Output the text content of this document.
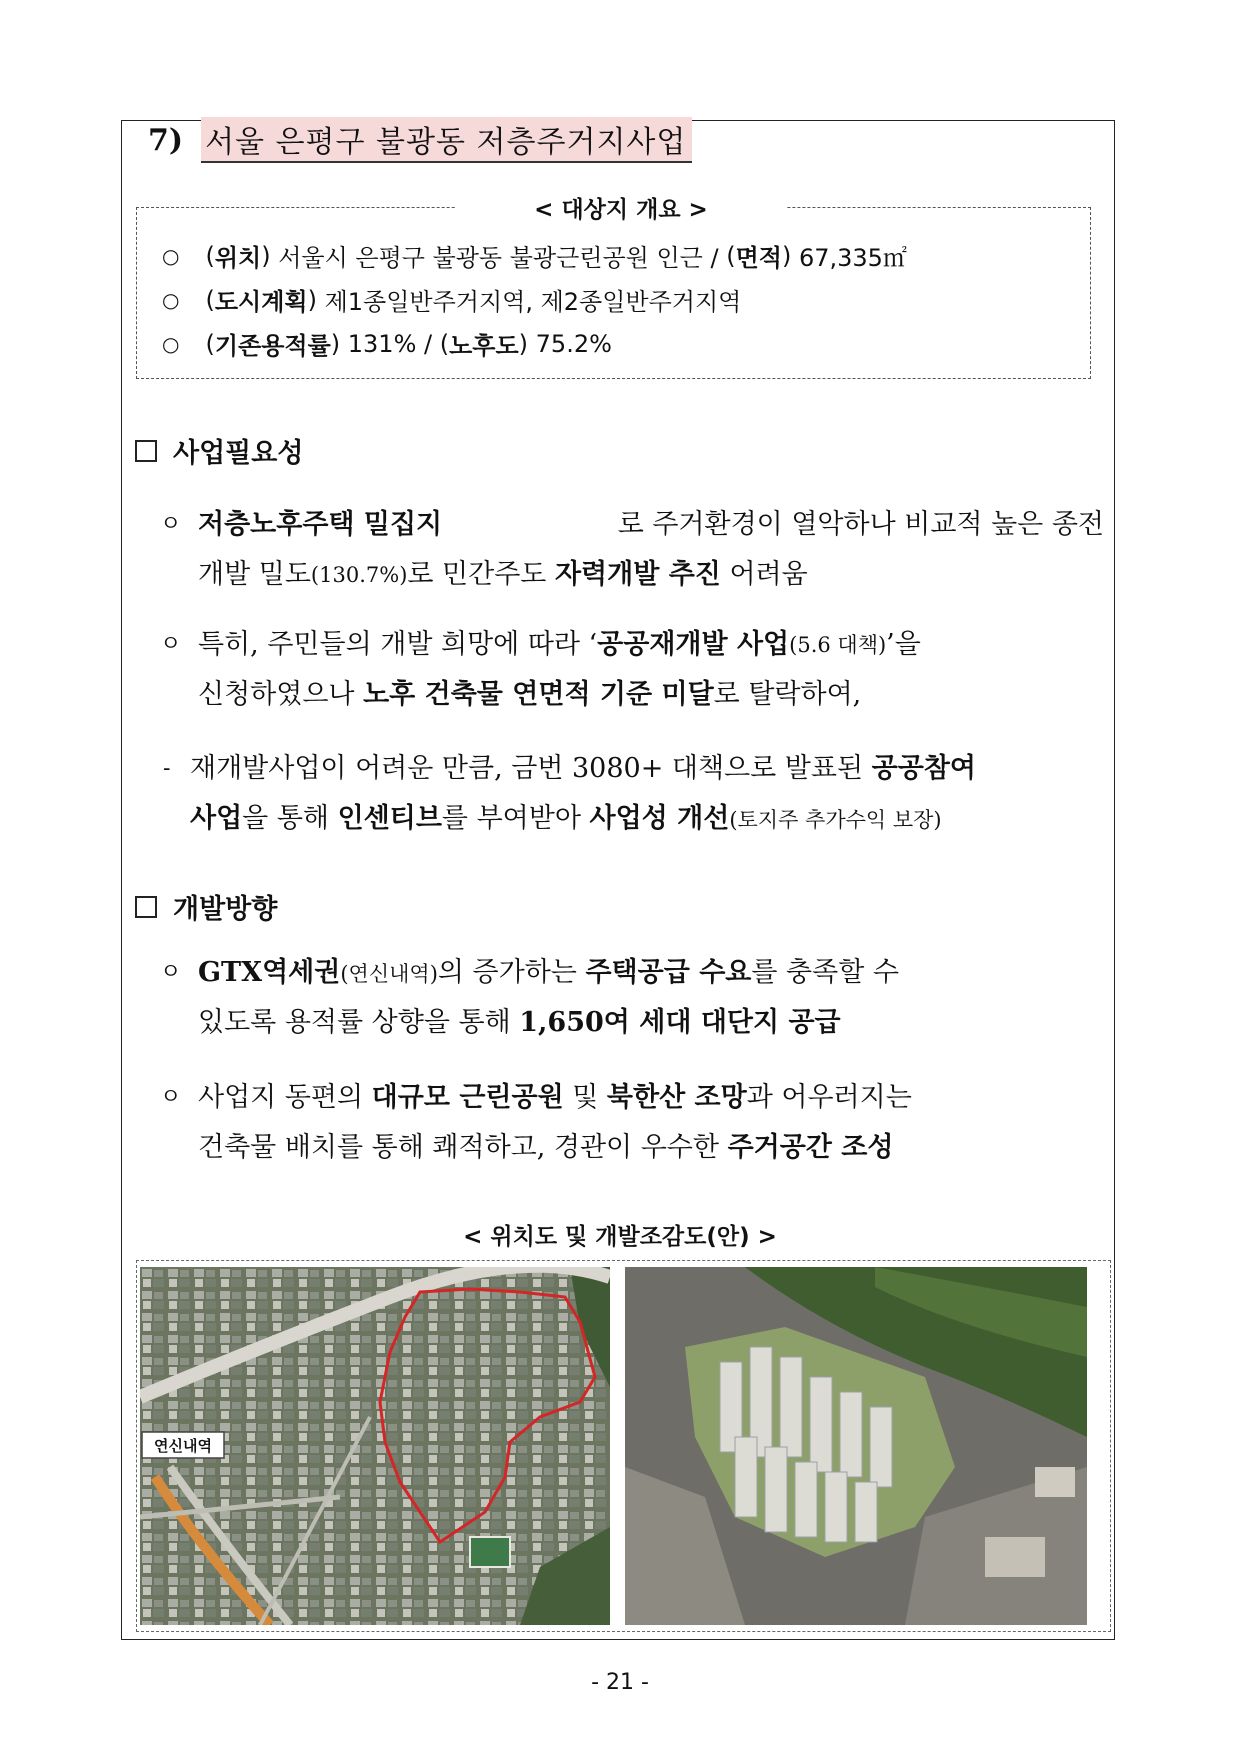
7) 서울 은평구 불광동 저층주거지사업
< 대상지 개요 >
○ ( 위치 ) 서울시 은평구 불광동 불광근린공원 인근 / ( 면적 ) 67,335㎡
○ ( 도시계획 ) 제1종일반주거지역, 제2종일반주거지역
○ ( 기존용적률 ) 131% / ( 노후도 ) 75.2%
사업필요성
ㅇ 저층노후주택 밀집지	로 주거환경이 열악하나 비교적 높은 종전
개발 밀도 (130.7%) 로 민간주도 자력개발 추진 어려움
ㅇ 특히, 주민들의 개발 희망에 따라 ‘ 공공재개발 사업 (5.6 대책) ’을
신청하였으나 노후 건축물 연면적 기준 미달 로 탈락하여,
- 재개발사업이 어려운 만큼, 금번 3080+ 대책으로 발표된 공공참여
사업 을 통해 인센티브 를 부여받아 사업성 개선 (토지주 추가수익 보장)
개발방향
ㅇ GTX역세권 (연신내역) 의 증가하는 주택공급 수요 를 충족할 수
있도록 용적률 상향을 통해 1,650여 세대 대단지 공급
ㅇ 사업지 동편의 대규모 근린공원 및 북한산 조망 과 어우러지는
건축물 배치를 통해 쾌적하고, 경관이 우수한 주거공간 조성
< 위치도 및 개발조감도(안) >
연신내역
- 21 -
